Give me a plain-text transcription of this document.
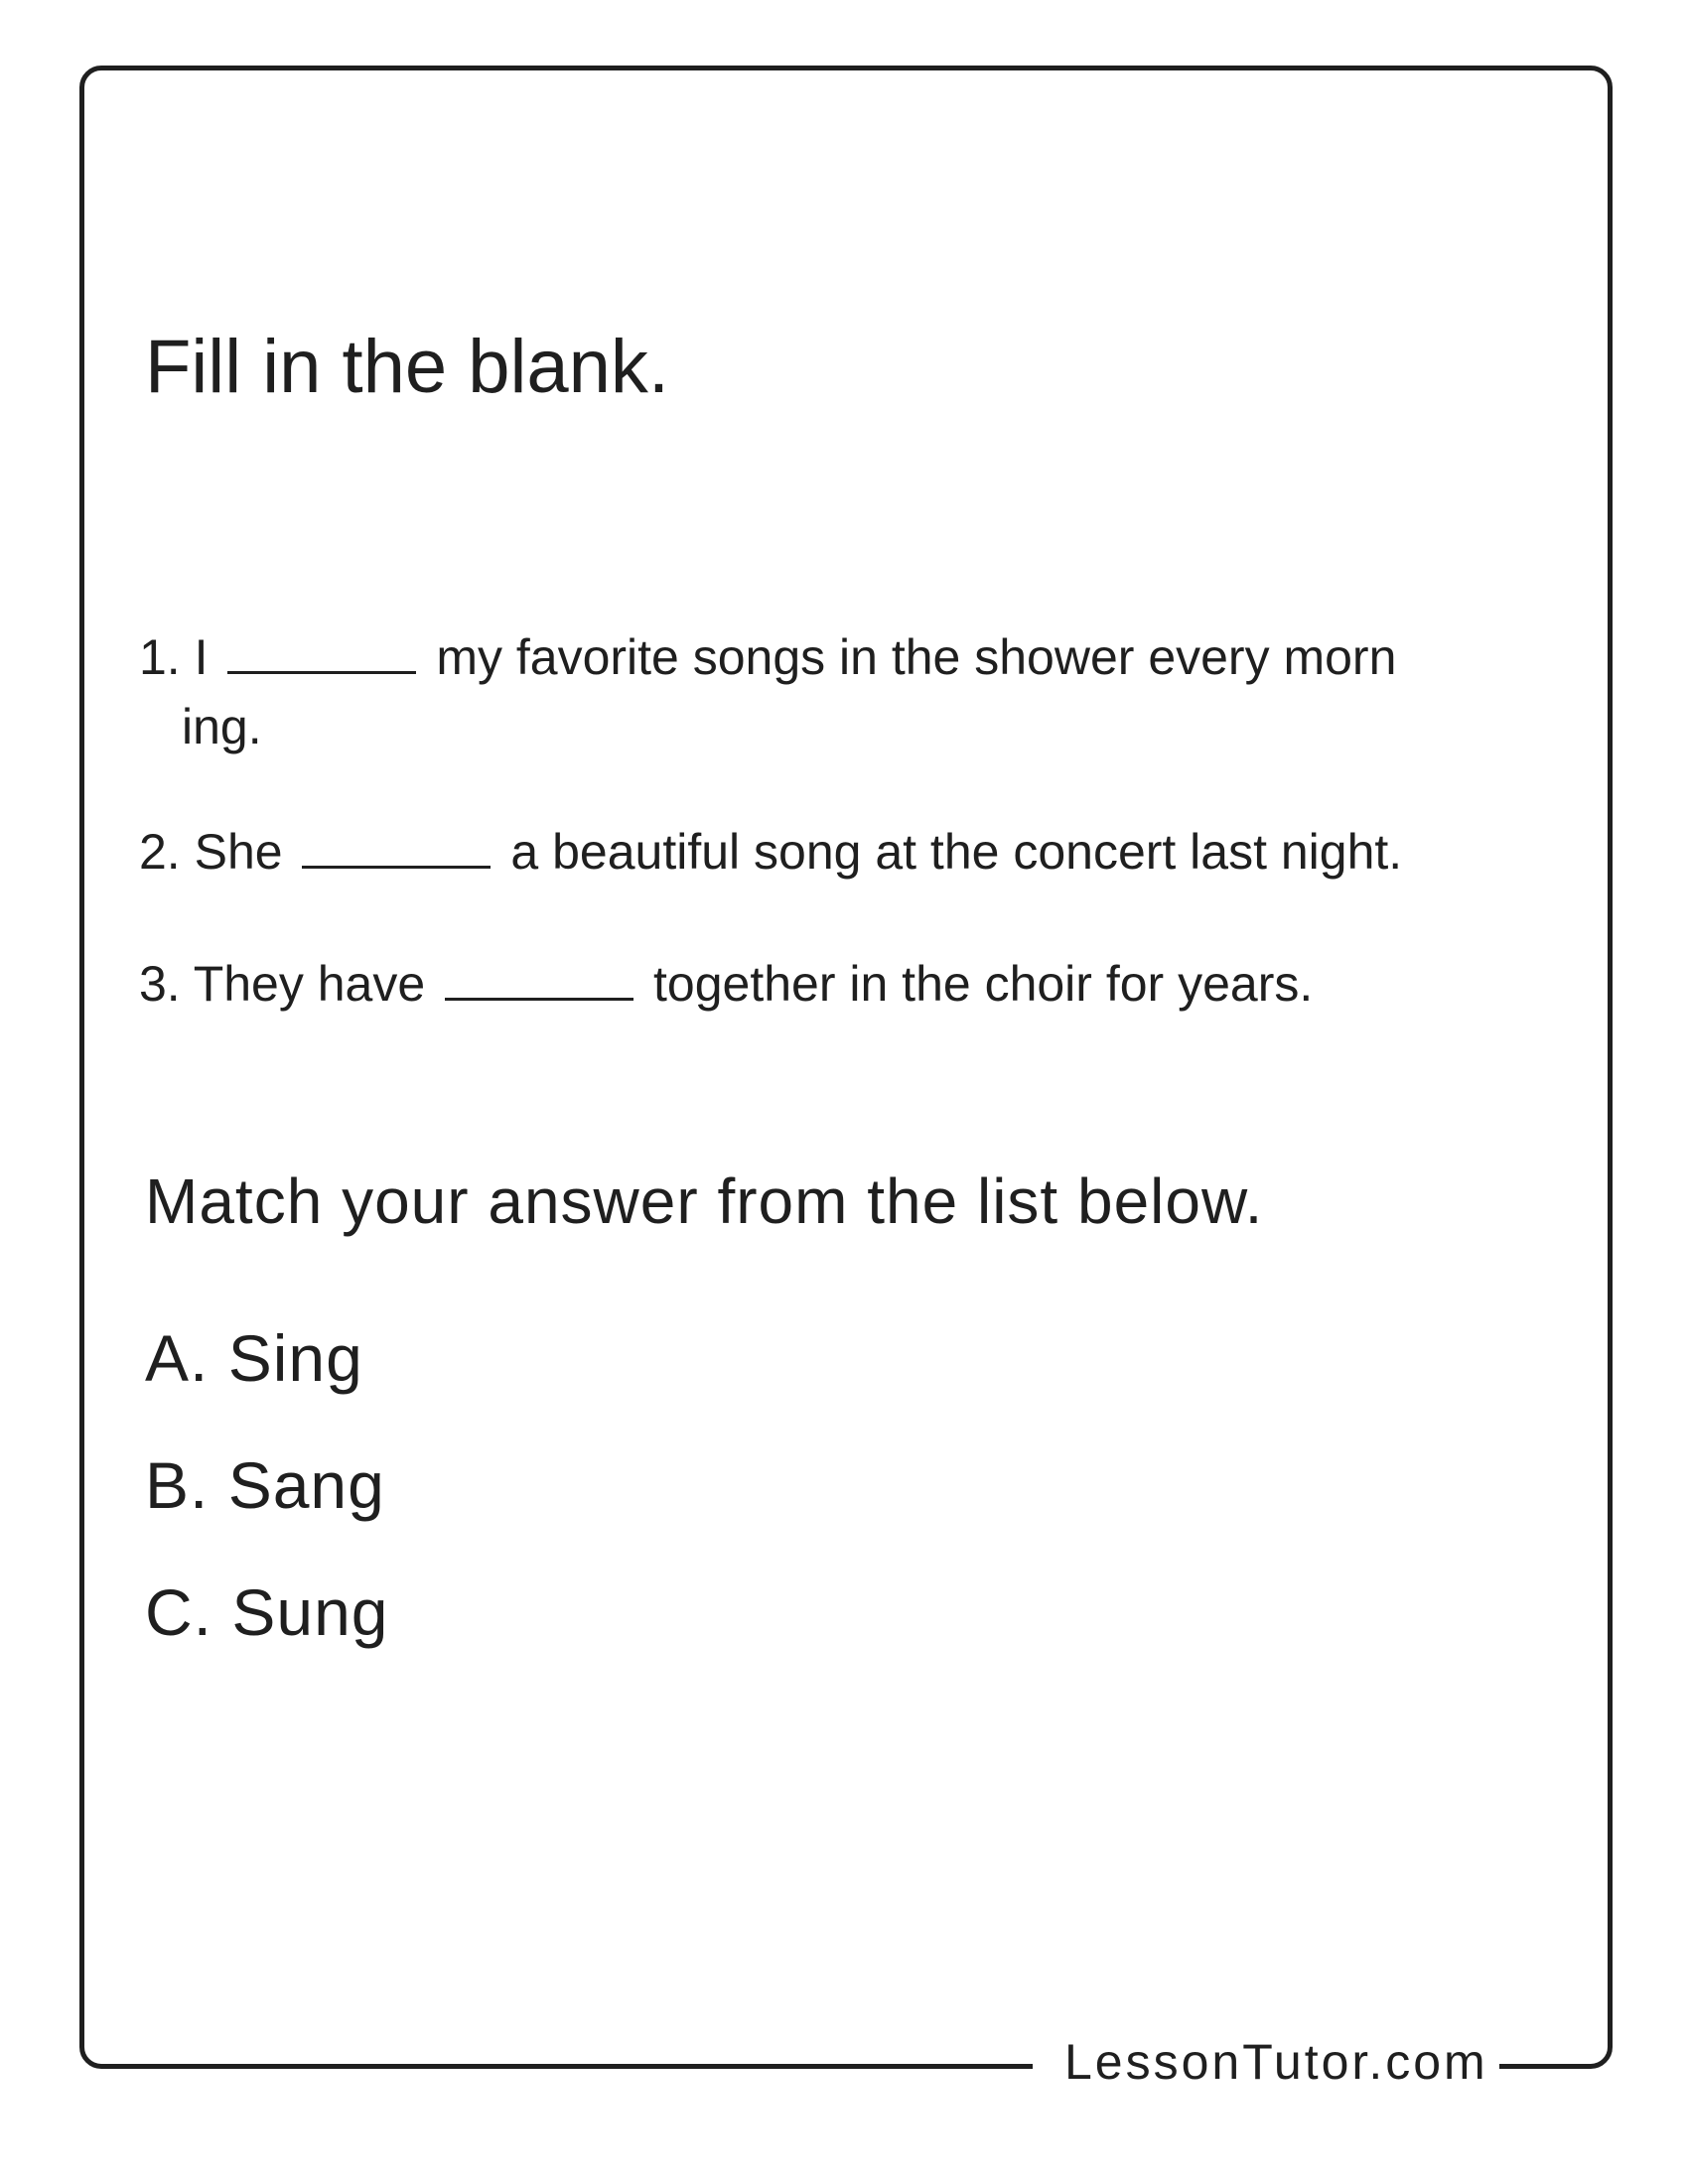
LessonTutor.com
Fill in the blank.
1. I	my favorite songs in the shower every morn
ing.
2. She	a beautiful song at the concert last night.
3. They have	together in the choir for years.
Match your answer from the list below.
A. Sing
B. Sang
C. Sung
